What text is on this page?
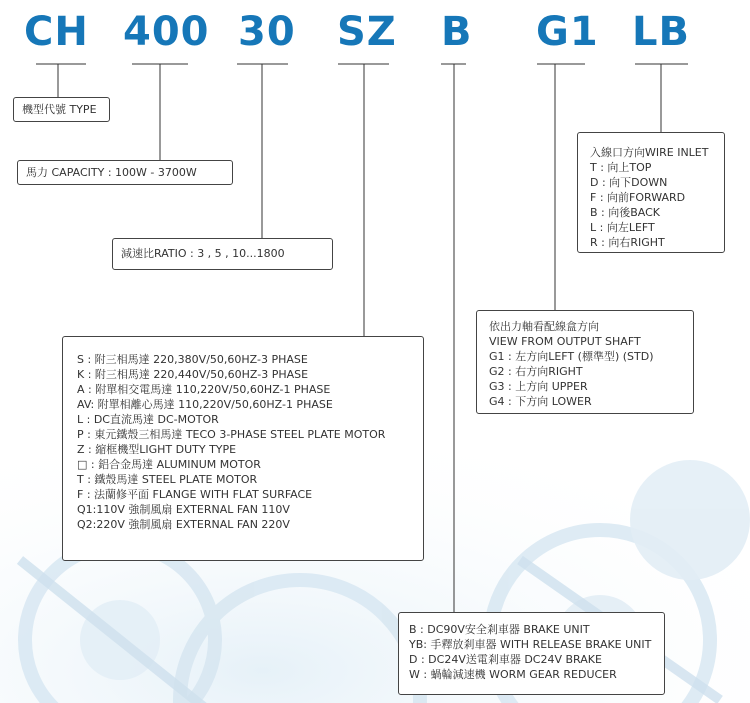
CH 400 30 SZ B G1 LB
機型代號 TYPE
馬力 CAPACITY : 100W - 3700W
減速比RATIO : 3 , 5 , 10...1800
S : 附三相馬達 220,380V/50,60HZ-3 PHASE
K : 附三相馬達 220,440V/50,60HZ-3 PHASE
A : 附單相交電馬達 110,220V/50,60HZ-1 PHASE
AV: 附單相離心馬達 110,220V/50,60HZ-1 PHASE
L : DC直流馬達 DC-MOTOR
P : 東元鐵殼三相馬達 TECO 3-PHASE STEEL PLATE MOTOR
Z : 縮框機型LIGHT DUTY TYPE
□ : 鋁合金馬達 ALUMINUM MOTOR
T : 鐵殼馬達 STEEL PLATE MOTOR
F : 法蘭修平面 FLANGE WITH FLAT SURFACE
Q1:110V 強制風扇 EXTERNAL FAN 110V
Q2:220V 強制風扇 EXTERNAL FAN 220V
B : DC90V安全剎車器 BRAKE UNIT
YB: 手釋放剎車器 WITH RELEASE BRAKE UNIT
D : DC24V送電剎車器 DC24V BRAKE
W : 蝸輪減速機 WORM GEAR REDUCER
依出力軸看配線盒方向
VIEW FROM OUTPUT SHAFT
G1 : 左方向LEFT (標準型) (STD)
G2 : 右方向RIGHT
G3 : 上方向 UPPER
G4 : 下方向 LOWER
入線口方向WIRE INLET
T : 向上TOP
D : 向下DOWN
F : 向前FORWARD
B : 向後BACK
L : 向左LEFT
R : 向右RIGHT
